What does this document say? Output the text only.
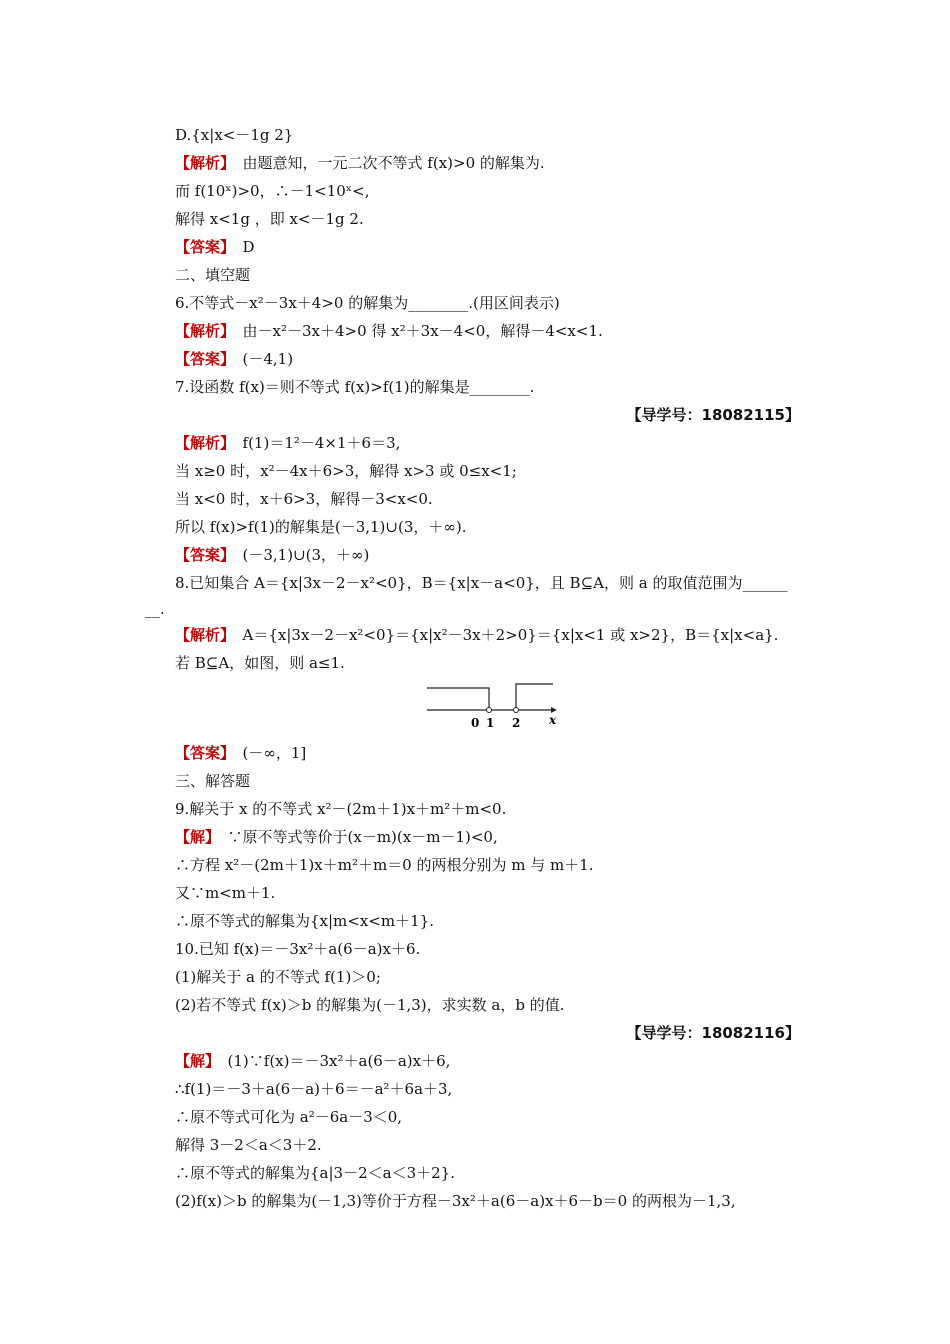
D.{x|x<－1g 2}
【解析】　由题意知，一元二次不等式 f(x)>0 的解集为.
而 f(10ˣ)>0，∴－1<10ˣ<,
解得 x<1g ，即 x<－1g 2.
【答案】　D
二、填空题
6.不等式－x²－3x＋4>0 的解集为________.(用区间表示)
【解析】　由－x²－3x＋4>0 得 x²＋3x－4<0，解得－4<x<1.
【答案】　(－4,1)
7.设函数 f(x)＝则不等式 f(x)>f(1)的解集是________.
【解析】　f(1)＝1²－4×1＋6＝3,
当 x≥0 时，x²－4x＋6>3，解得 x>3 或 0≤x<1;
当 x<0 时，x＋6>3，解得－3<x<0.
所以 f(x)>f(1)的解集是(－3,1)∪(3，＋∞).
【答案】　(－3,1)∪(3，＋∞)
8.已知集合 A＝{x|3x－2－x²<0}，B＝{x|x－a<0}，且 B⊆A，则 a 的取值范围为______
【解析】　A＝{x|3x－2－x²<0}＝{x|x²－3x＋2>0}＝{x|x<1 或 x>2}，B＝{x|x<a}.
若 B⊆A，如图，则 a≤1.
【答案】　(－∞，1]
三、解答题
9.解关于 x 的不等式 x²－(2m＋1)x＋m²＋m<0.
【解】　∵原不等式等价于(x－m)(x－m－1)<0,
∴方程 x²－(2m＋1)x＋m²＋m＝0 的两根分别为 m 与 m＋1.
又∵m<m＋1.
∴原不等式的解集为{x|m<x<m＋1}.
10.已知 f(x)＝－3x²＋a(6－a)x＋6.
(1)解关于 a 的不等式 f(1)＞0;
(2)若不等式 f(x)＞b 的解集为(－1,3)，求实数 a，b 的值.
【解】　(1)∵f(x)＝－3x²＋a(6－a)x＋6,
∴f(1)＝－3＋a(6－a)＋6＝－a²＋6a＋3,
∴原不等式可化为 a²－6a－3＜0,
解得 3－2＜a＜3＋2.
∴原不等式的解集为{a|3－2＜a＜3＋2}.
(2)f(x)＞b 的解集为(－1,3)等价于方程－3x²＋a(6－a)x＋6－b＝0 的两根为－1,3,
【导学号：18082115】
【导学号：18082116】
__.
0 1 2 x
